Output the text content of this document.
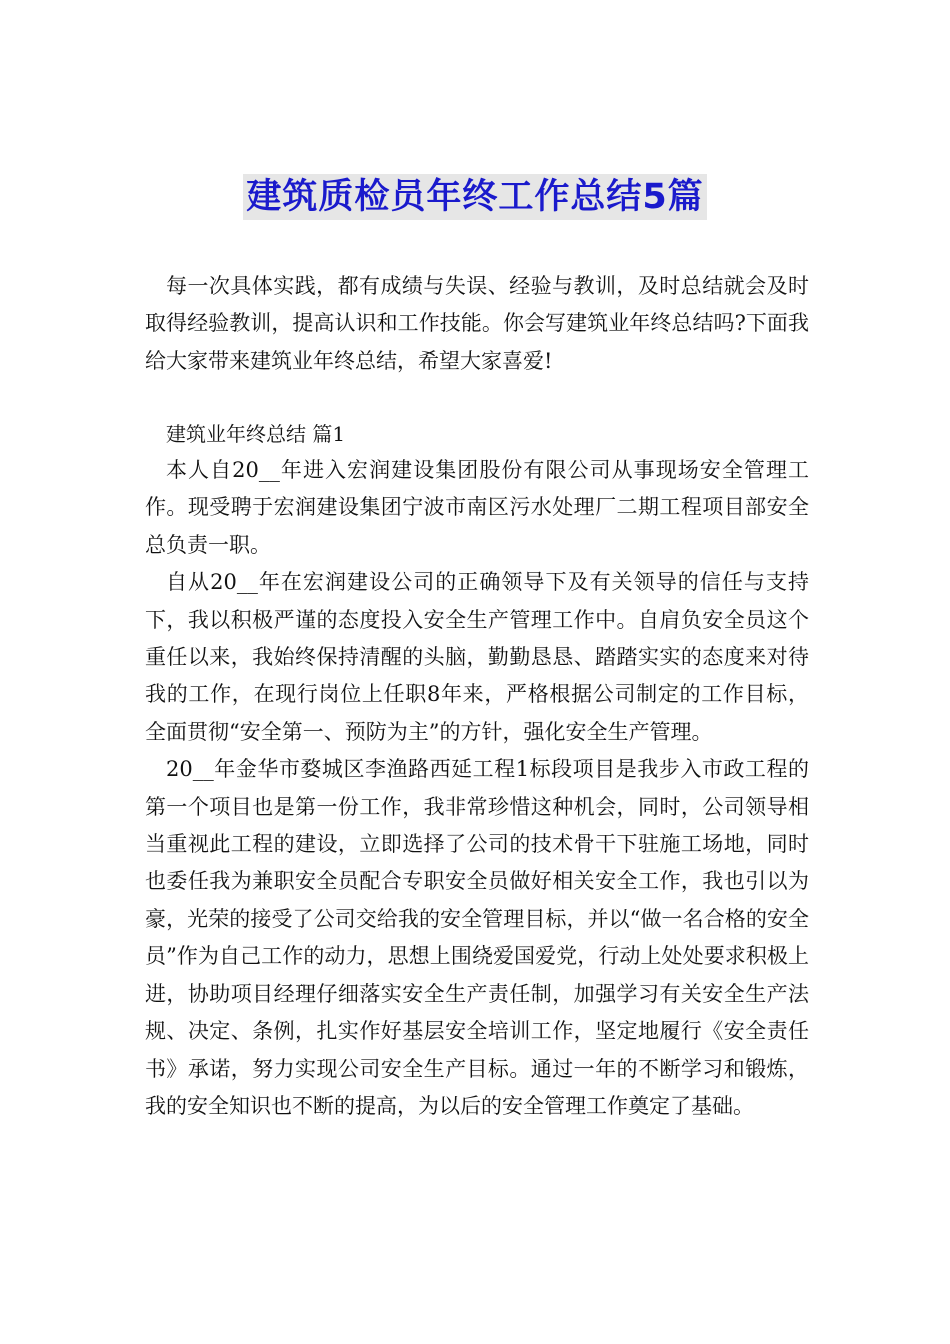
建筑质检员年终工作总结5篇

每一次具体实践，都有成绩与失误、经验与教训，及时总结就会及时取得经验教训，提高认识和工作技能。你会写建筑业年终总结吗?下面我给大家带来建筑业年终总结，希望大家喜爱!

建筑业年终总结 篇1

本人自20__年进入宏润建设集团股份有限公司从事现场安全管理工作。现受聘于宏润建设集团宁波市南区污水处理厂二期工程项目部安全总负责一职。

自从20__年在宏润建设公司的正确领导下及有关领导的信任与支持下，我以积极严谨的态度投入安全生产管理工作中。自肩负安全员这个重任以来，我始终保持清醒的头脑，勤勤恳恳、踏踏实实的态度来对待我的工作，在现行岗位上任职8年来，严格根据公司制定的工作目标，全面贯彻“安全第一、预防为主”的方针，强化安全生产管理。

20__年金华市婺城区李渔路西延工程1标段项目是我步入市政工程的第一个项目也是第一份工作，我非常珍惜这种机会，同时，公司领导相当重视此工程的建设，立即选择了公司的技术骨干下驻施工场地，同时也委任我为兼职安全员配合专职安全员做好相关安全工作，我也引以为豪，光荣的接受了公司交给我的安全管理目标，并以“做一名合格的安全员”作为自己工作的动力，思想上围绕爱国爱党，行动上处处要求积极上进，协助项目经理仔细落实安全生产责任制，加强学习有关安全生产法规、决定、条例，扎实作好基层安全培训工作，坚定地履行《安全责任书》承诺，努力实现公司安全生产目标。通过一年的不断学习和锻炼，我的安全知识也不断的提高，为以后的安全管理工作奠定了基础。
